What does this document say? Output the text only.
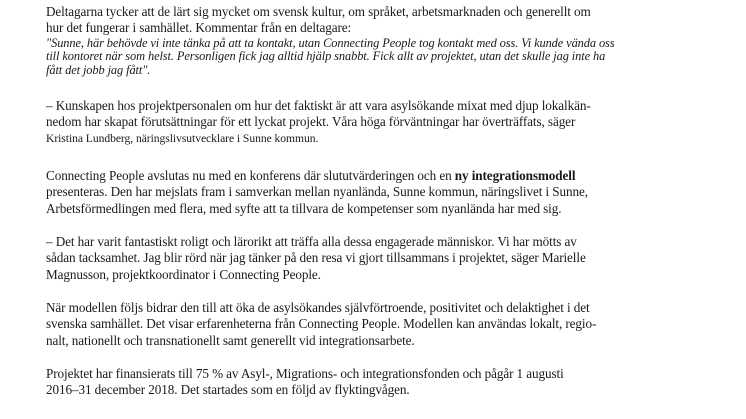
Deltagarna tycker att de lärt sig mycket om svensk kultur, om språket, arbetsmarknaden och generellt om
hur det fungerar i samhället. Kommentar från en deltagare:
"Sunne, här behövde vi inte tänka på att ta kontakt, utan Connecting People tog kontakt med oss. Vi kunde vända oss
till kontoret när som helst. Personligen fick jag alltid hjälp snabbt. Fick allt av projektet, utan det skulle jag inte ha
fått det jobb jag fått".
– Kunskapen hos projektpersonalen om hur det faktiskt är att vara asylsökande mixat med djup lokalkän-
nedom har skapat förutsättningar för ett lyckat projekt. Våra höga förväntningar har överträffats, säger
Kristina Lundberg, näringslivsutvecklare i Sunne kommun.
Connecting People avslutas nu med en konferens där slututvärderingen och en ny integrationsmodell
presenteras. Den har mejslats fram i samverkan mellan nyanlända, Sunne kommun, näringslivet i Sunne,
Arbetsförmedlingen med flera, med syfte att ta tillvara de kompetenser som nyanlända har med sig.
– Det har varit fantastiskt roligt och lärorikt att träffa alla dessa engagerade människor. Vi har mötts av
sådan tacksamhet. Jag blir rörd när jag tänker på den resa vi gjort tillsammans i projektet, säger Marielle
Magnusson, projektkoordinator i Connecting People.
När modellen följs bidrar den till att öka de asylsökandes självförtroende, positivitet och delaktighet i det
svenska samhället. Det visar erfarenheterna från Connecting People. Modellen kan användas lokalt, regio-
nalt, nationellt och transnationellt samt generellt vid integrationsarbete.
Projektet har finansierats till 75 % av Asyl-, Migrations- och integrationsfonden och pågår 1 augusti
2016–31 december 2018. Det startades som en följd av flyktingvågen.
